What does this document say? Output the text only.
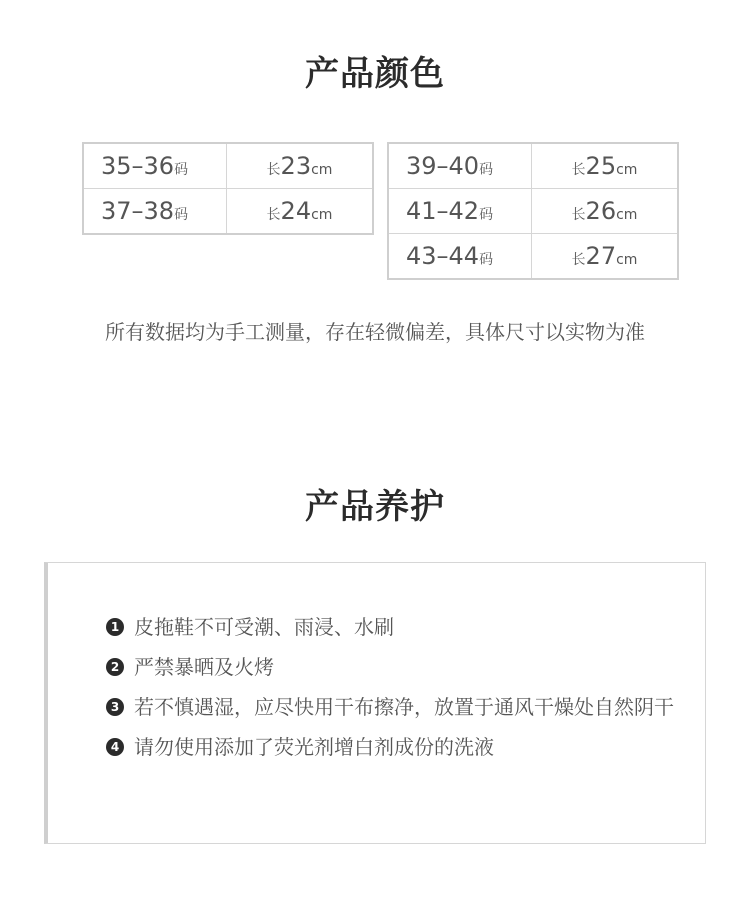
产品颜色
35–36码	长23cm
37–38码	长24cm
39–40码	长25cm
41–42码	长26cm
43–44码	长27cm

所有数据均为手工测量，存在轻微偏差，具体尺寸以实物为准

产品养护
1 皮拖鞋不可受潮、雨浸、水刷
2 严禁暴晒及火烤
3 若不慎遇湿，应尽快用干布擦净，放置于通风干燥处自然阴干
4 请勿使用添加了荧光剂增白剂成份的洗液
